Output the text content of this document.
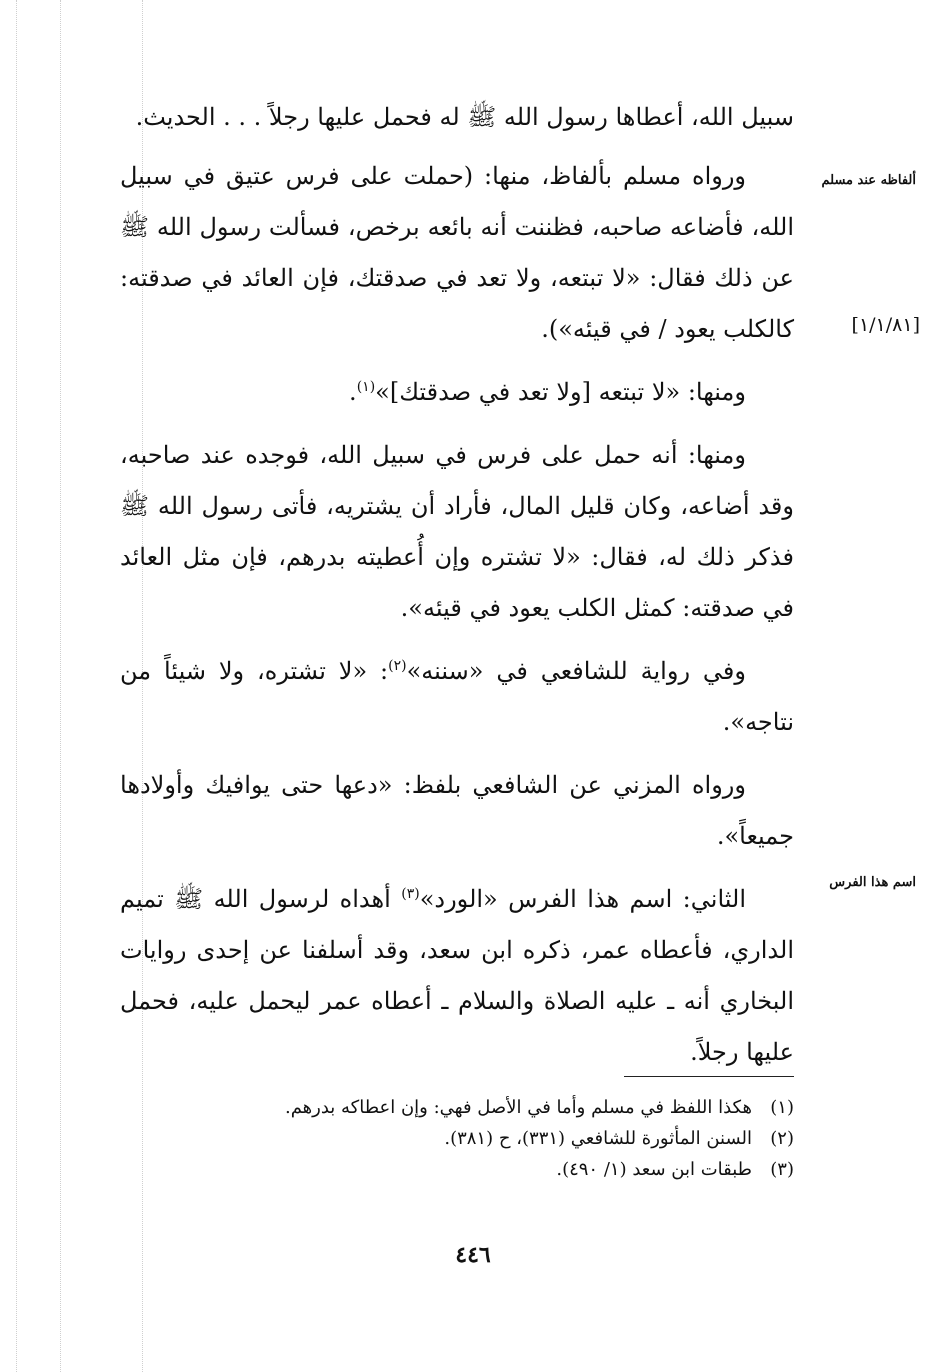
سبيل الله، أعطاها رسول الله ﷺ له فحمل عليها رجلاً . . . الحديث.

ورواه مسلم بألفاظ، منها: (حملت على فرس عتيق في سبيل الله، فأضاعه صاحبه، فظننت أنه بائعه برخص، فسألت رسول الله ﷺ عن ذلك فقال: «لا تبتعه، ولا تعد في صدقتك، فإن العائد في صدقته: كالكلب يعود / في قيئه»).

ومنها: «لا تبتعه [ولا تعد في صدقتك]»$^{(١)}$.

ومنها: أنه حمل على فرس في سبيل الله، فوجده عند صاحبه، وقد أضاعه، وكان قليل المال، فأراد أن يشتريه، فأتى رسول الله ﷺ فذكر ذلك له، فقال: «لا تشتره وإن أُعطيته بدرهم، فإن مثل العائد في صدقته: كمثل الكلب يعود في قيئه».

وفي رواية للشافعي في «سننه»$^{(٢)}$: «لا تشتره، ولا شيئاً من نتاجه».

ورواه المزني عن الشافعي بلفظ: «دعها حتى يوافيك وأولادها جميعاً».

الثاني: اسم هذا الفرس «الورد»$^{(٣)}$ أهداه لرسول الله ﷺ تميم الداري، فأعطاه عمر، ذكره ابن سعد، وقد أسلفنا عن إحدى روايات البخاري أنه ـ عليه الصلاة والسلام ـ أعطاه عمر ليحمل عليه، فحمل عليها رجلاً.

ألفاظه عند مسلم
[١/١/٨١]
اسم هذا الفرس

(١)هكذا اللفظ في مسلم وأما في الأصل فهي: وإن اعطاكه بدرهم.

(٢)السنن المأثورة للشافعي (٣٣١)، ح (٣٨١).

(٣)طبقات ابن سعد (١/ ٤٩٠).

٤٤٦
